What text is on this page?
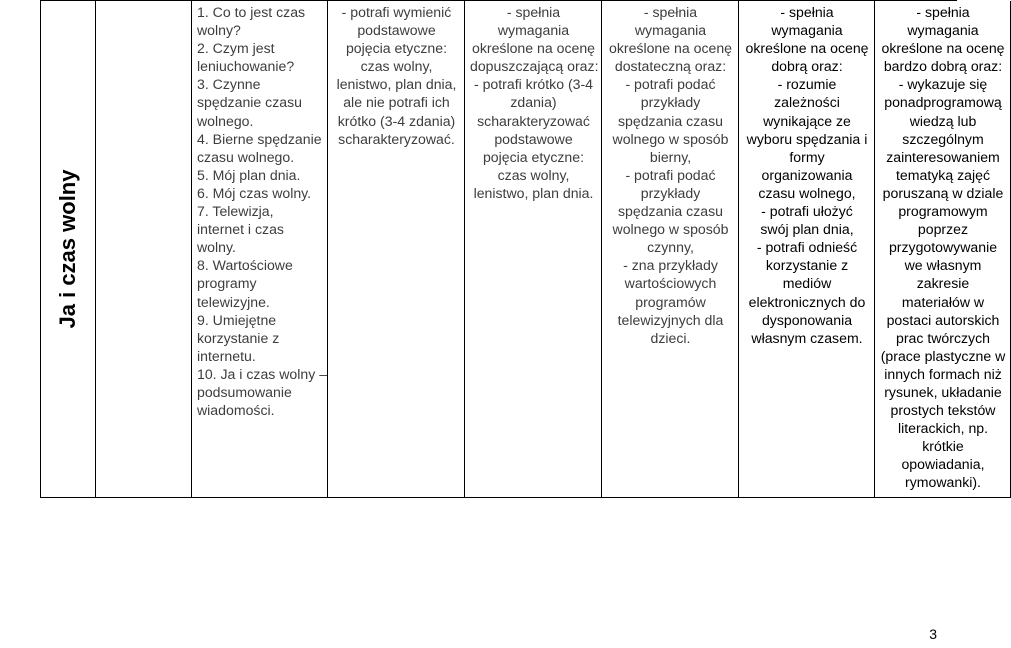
Ja i czas wolny
1. Co to jest czas
wolny?
2. Czym jest
leniuchowanie?
3. Czynne
spędzanie czasu
wolnego.
4. Bierne spędzanie
czasu wolnego.
5. Mój plan dnia.
6. Mój czas wolny.
7. Telewizja,
internet i czas
wolny.
8. Wartościowe
programy
telewizyjne.
9. Umiejętne
korzystanie z
internetu.
10. Ja i czas wolny –
podsumowanie
wiadomości.
- potrafi wymienić
podstawowe
pojęcia etyczne:
czas wolny,
lenistwo, plan dnia,
ale nie potrafi ich
krótko (3-4 zdania)
scharakteryzować.
- spełnia
wymagania
określone na ocenę
dopuszczającą oraz:
- potrafi krótko (3-4
zdania)
scharakteryzować
podstawowe
pojęcia etyczne:
czas wolny,
lenistwo, plan dnia.
- spełnia
wymagania
określone na ocenę
dostateczną oraz:
- potrafi podać
przykłady
spędzania czasu
wolnego w sposób
bierny,
- potrafi podać
przykłady
spędzania czasu
wolnego w sposób
czynny,
- zna przykłady
wartościowych
programów
telewizyjnych dla
dzieci.
- spełnia
wymagania
określone na ocenę
dobrą oraz:
- rozumie
zależności
wynikające ze
wyboru spędzania i
formy
organizowania
czasu wolnego,
- potrafi ułożyć
swój plan dnia,
- potrafi odnieść
korzystanie z
mediów
elektronicznych do
dysponowania
własnym czasem.
- spełnia
wymagania
określone na ocenę
bardzo dobrą oraz:
- wykazuje się
ponadprogramową
wiedzą lub
szczególnym
zainteresowaniem
tematyką zajęć
poruszaną w dziale
programowym
poprzez
przygotowywanie
we własnym
zakresie
materiałów w
postaci autorskich
prac twórczych
(prace plastyczne w
innych formach niż
rysunek, układanie
prostych tekstów
literackich, np.
krótkie
opowiadania,
rymowanki).
3
